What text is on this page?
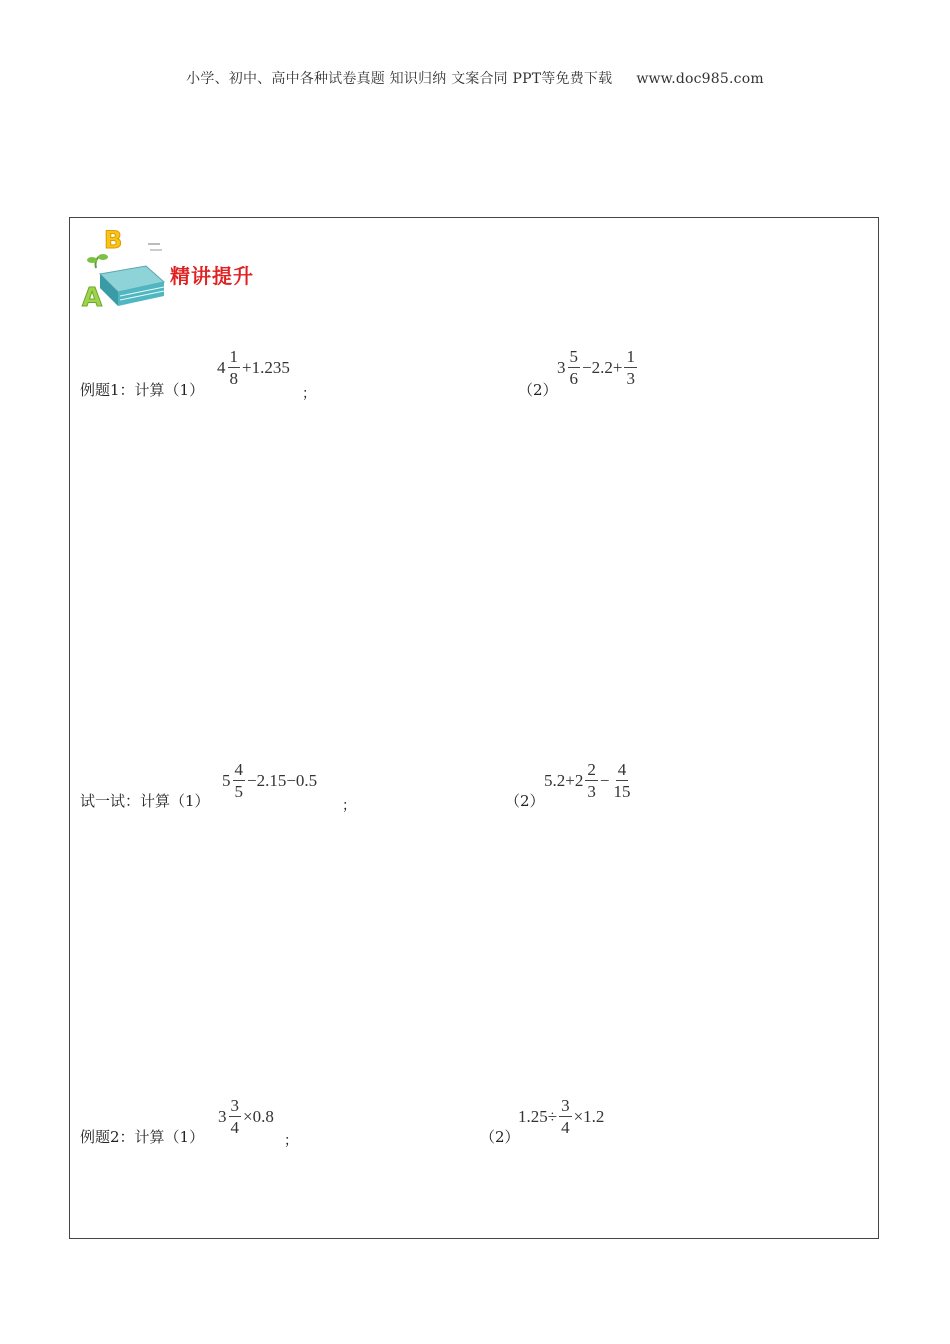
小学、初中、高中各种试卷真题 知识归纳 文案合同 PPT等免费下载 www.doc985.com
B
A
精讲提升
例题1：计算（1）
$4 \frac{1}{8} +1.235$
；	（2）
$3 \frac{5}{6} -2.2+ \frac{1}{3}$
试一试：计算（1）
$5 \frac{4}{5} -2.15-0.5$
；	（2）
$5.2+2 \frac{2}{3} - \frac{4}{15}$
例题2：计算（1）
$3 \frac{3}{4} \times 0.8$
；	（2）
$1.25\div \frac{3}{4} \times 1.2$
